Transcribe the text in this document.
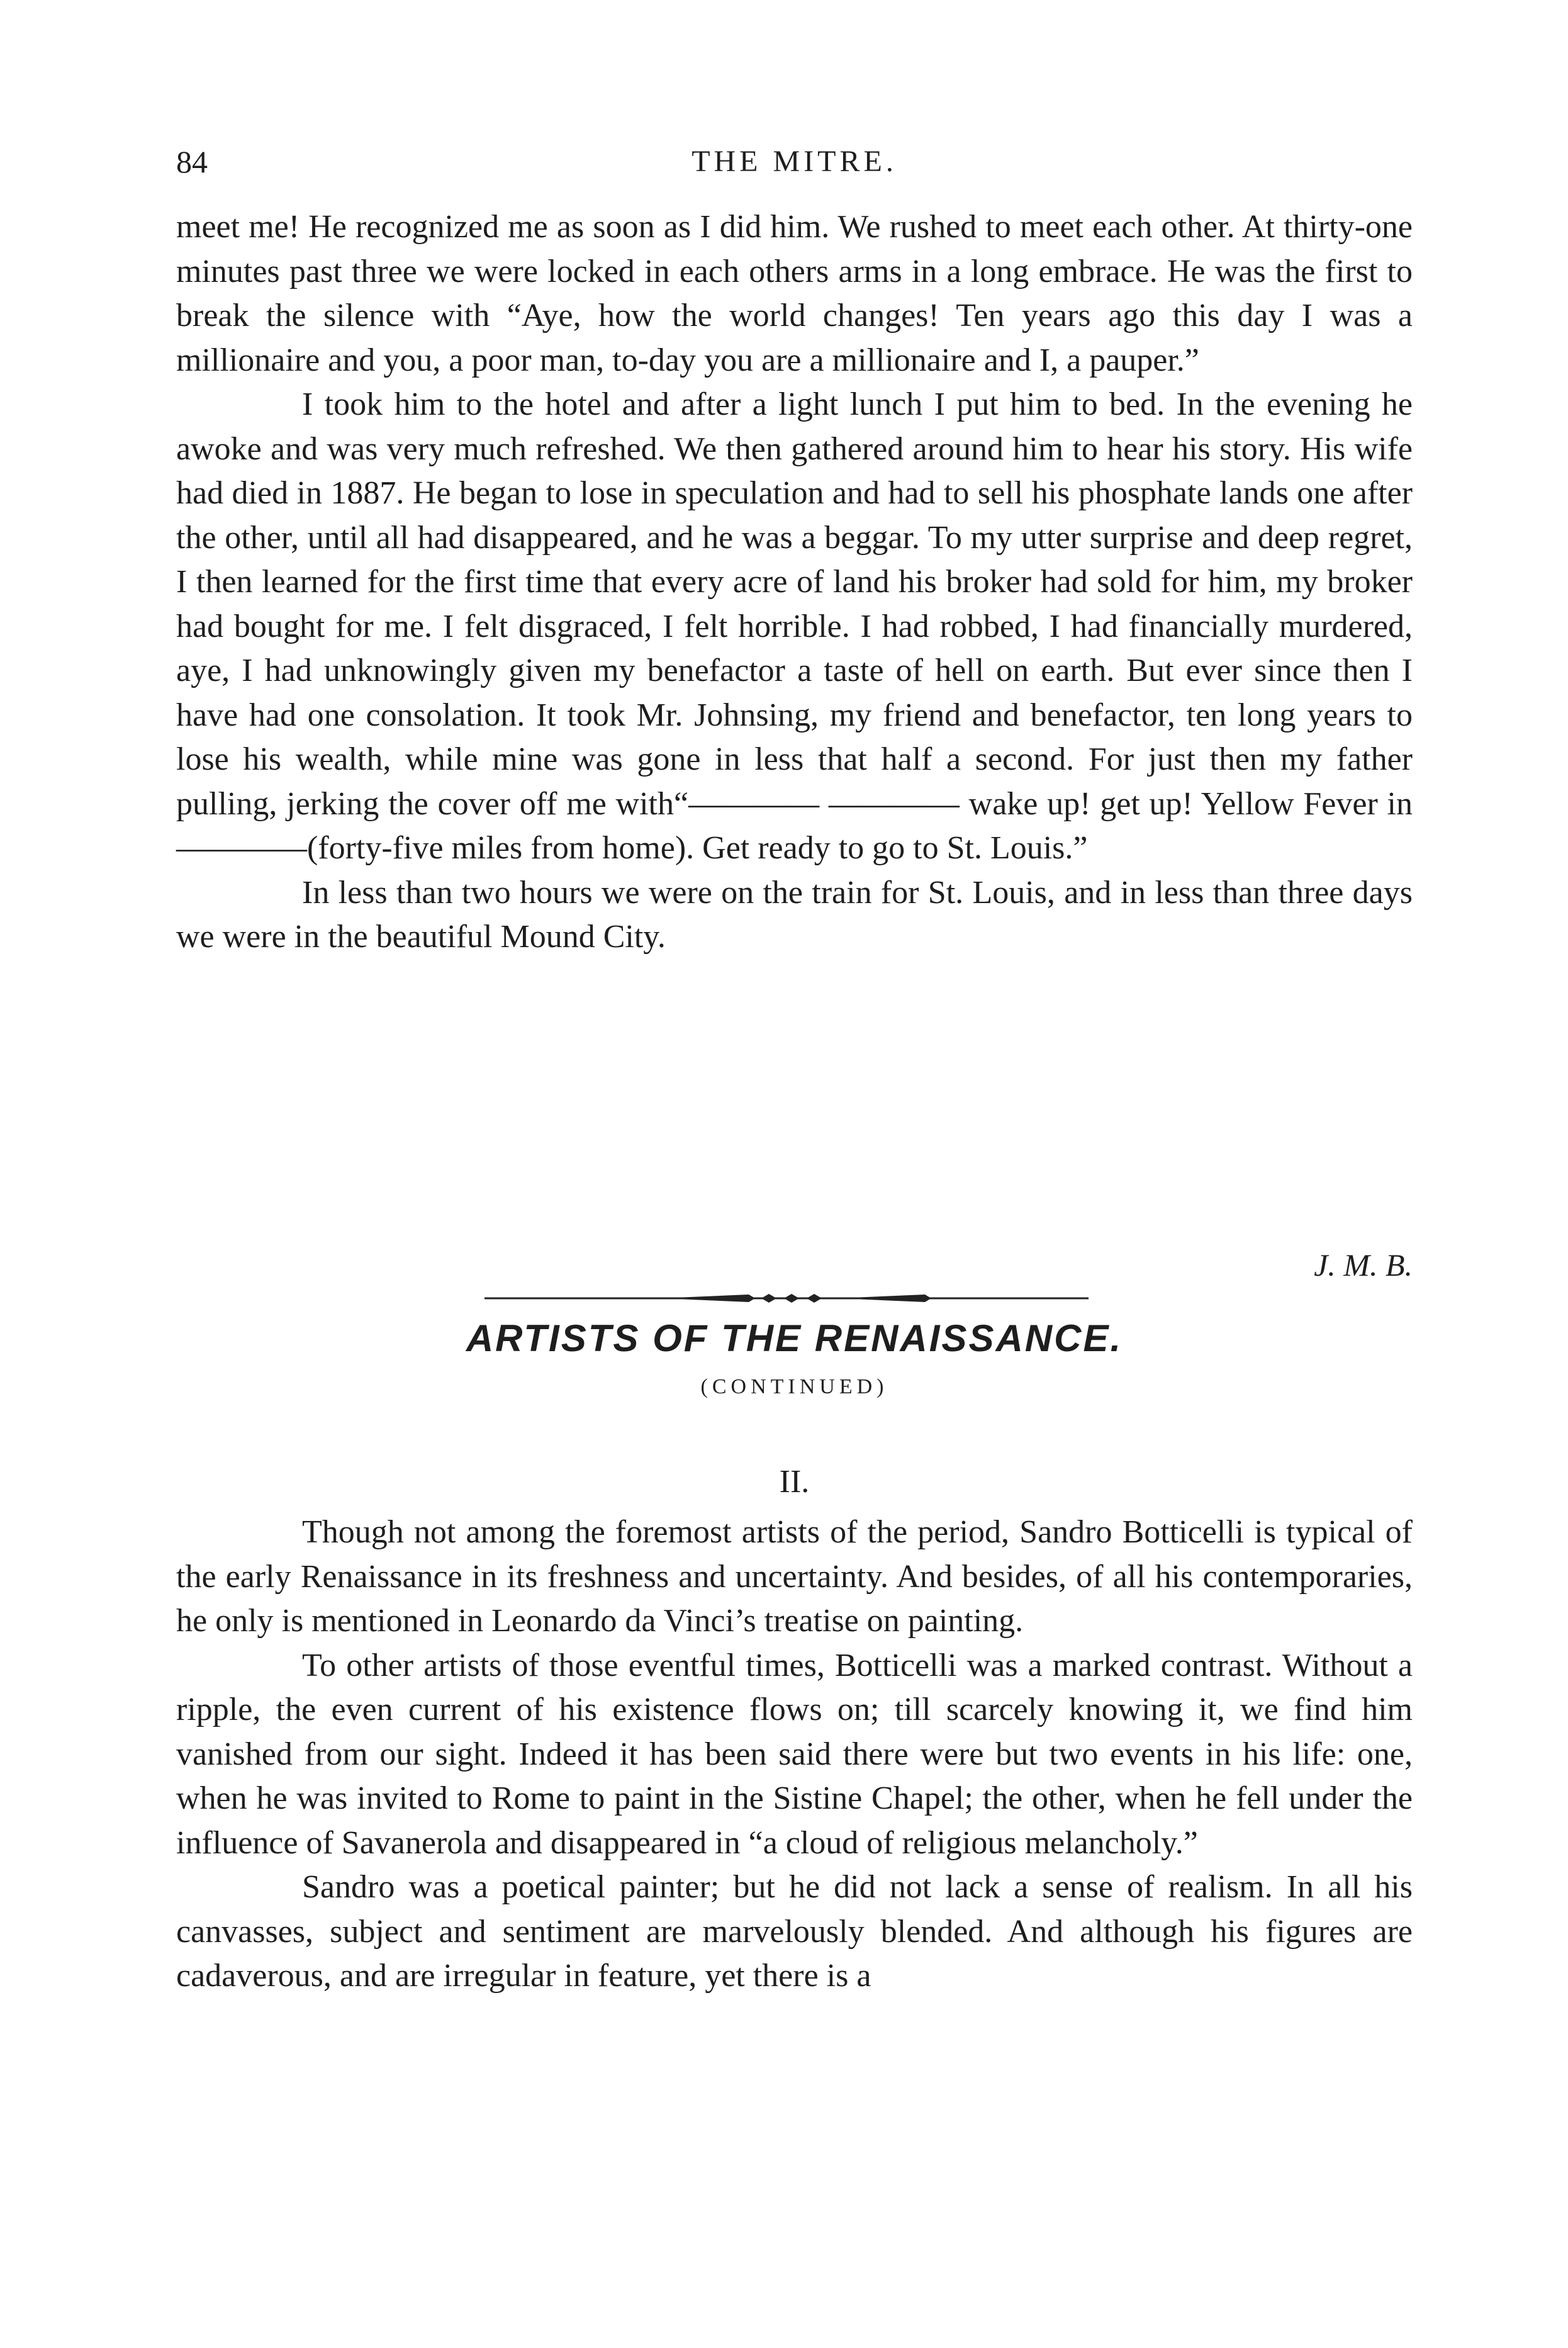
84	THE MITRE.

meet me! He recognized me as soon as I did him. We rushed to meet each other. At thirty-one minutes past three we were locked in each others arms in a long embrace. He was the first to break the silence with “Aye, how the world changes! Ten years ago this day I was a millionaire and you, a poor man, to-day you are a millionaire and I, a pauper.”

I took him to the hotel and after a light lunch I put him to bed. In the evening he awoke and was very much refreshed. We then gathered around him to hear his story. His wife had died in 1887. He began to lose in speculation and had to sell his phosphate lands one after the other, until all had disappeared, and he was a beggar. To my utter surprise and deep regret, I then learned for the first time that every acre of land his broker had sold for him, my broker had bought for me. I felt disgraced, I felt horrible. I had robbed, I had financially murdered, aye, I had unknowingly given my benefactor a taste of hell on earth. But ever since then I have had one consolation. It took Mr. Johnsing, my friend and benefactor, ten long years to lose his wealth, while mine was gone in less that half a second. For just then my father pulling, jerking the cover off me with“———— ———— wake up! get up! Yellow Fever in————(forty-five miles from home). Get ready to go to St. Louis.”

In less than two hours we were on the train for St. Louis, and in less than three days we were in the beautiful Mound City.

J. M. B.
ARTISTS OF THE RENAISSANCE.
(CONTINUED)
II.

Though not among the foremost artists of the period, Sandro Botticelli is typical of the early Renaissance in its freshness and uncertainty. And besides, of all his contemporaries, he only is mentioned in Leonardo da Vinci’s treatise on painting.

To other artists of those eventful times, Botticelli was a marked contrast. Without a ripple, the even current of his existence flows on; till scarcely knowing it, we find him vanished from our sight. Indeed it has been said there were but two events in his life: one, when he was invited to Rome to paint in the Sistine Chapel; the other, when he fell under the influence of Savanerola and disappeared in “a cloud of religious melancholy.”

Sandro was a poetical painter; but he did not lack a sense of realism. In all his canvasses, subject and sentiment are marvelously blended. And although his figures are cadaverous, and are irregular in feature, yet there is a
